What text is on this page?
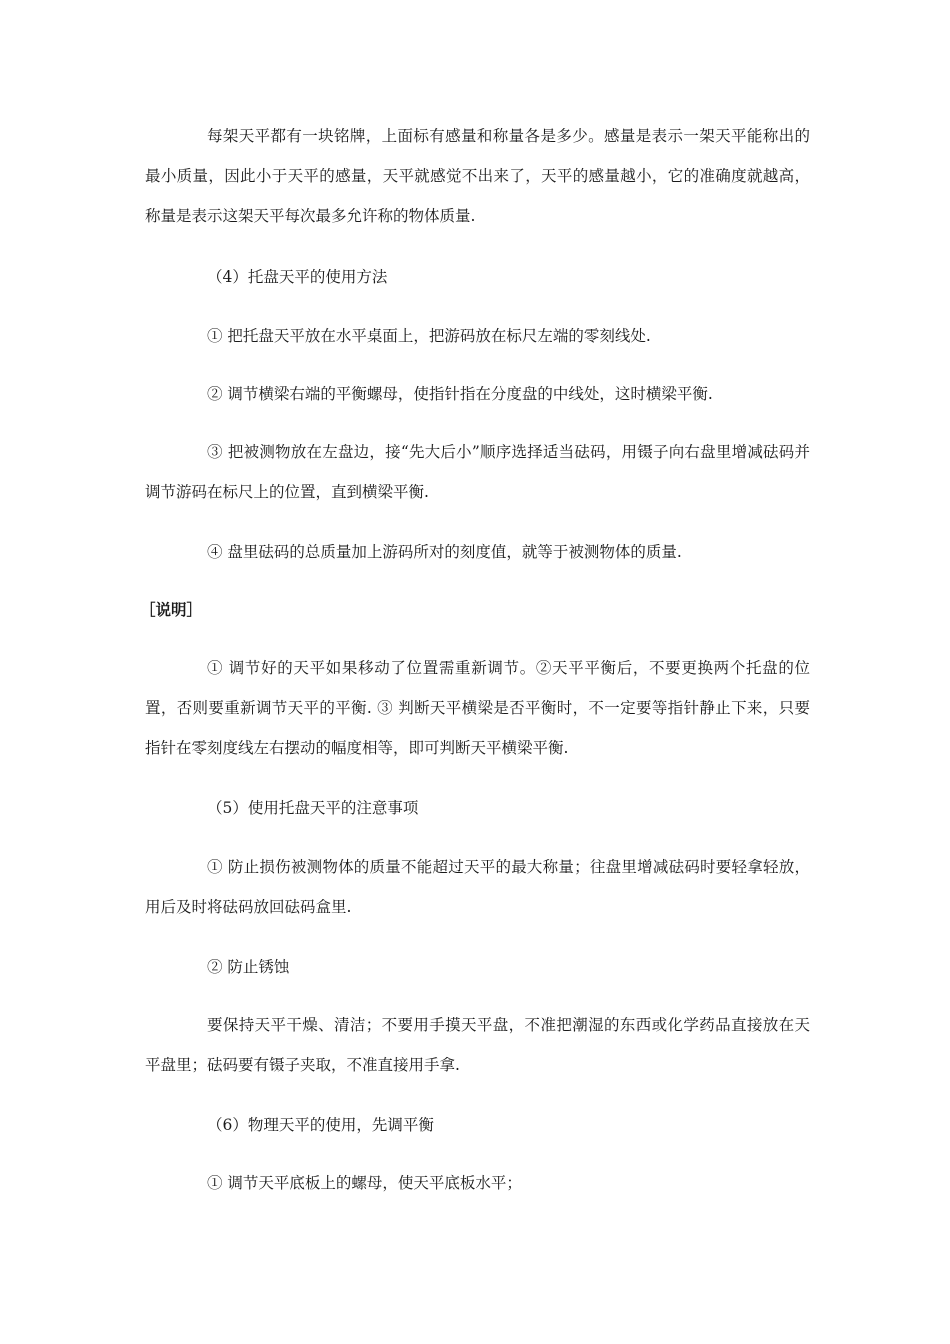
每架天平都有一块铭牌，上面标有感量和称量各是多少。感量是表示一架天平能称出的最小质量，因此小于天平的感量，天平就感觉不出来了，天平的感量越小，它的准确度就越高，称量是表示这架天平每次最多允许称的物体质量.

（4）托盘天平的使用方法

① 把托盘天平放在水平桌面上，把游码放在标尺左端的零刻线处.

② 调节横梁右端的平衡螺母，使指针指在分度盘的中线处，这时横梁平衡.

③ 把被测物放在左盘边，接“先大后小”顺序选择适当砝码，用镊子向右盘里增减砝码并调节游码在标尺上的位置，直到横梁平衡.

④ 盘里砝码的总质量加上游码所对的刻度值，就等于被测物体的质量.

［说明］

① 调节好的天平如果移动了位置需重新调节。②天平平衡后，不要更换两个托盘的位置，否则要重新调节天平的平衡. ③ 判断天平横梁是否平衡时，不一定要等指针静止下来，只要指针在零刻度线左右摆动的幅度相等，即可判断天平横梁平衡.

（5）使用托盘天平的注意事项

① 防止损伤被测物体的质量不能超过天平的最大称量；往盘里增减砝码时要轻拿轻放，用后及时将砝码放回砝码盒里.

② 防止锈蚀

要保持天平干燥、清洁；不要用手摸天平盘，不准把潮湿的东西或化学药品直接放在天平盘里；砝码要有镊子夹取，不准直接用手拿.

（6）物理天平的使用，先调平衡

① 调节天平底板上的螺母，使天平底板水平；
